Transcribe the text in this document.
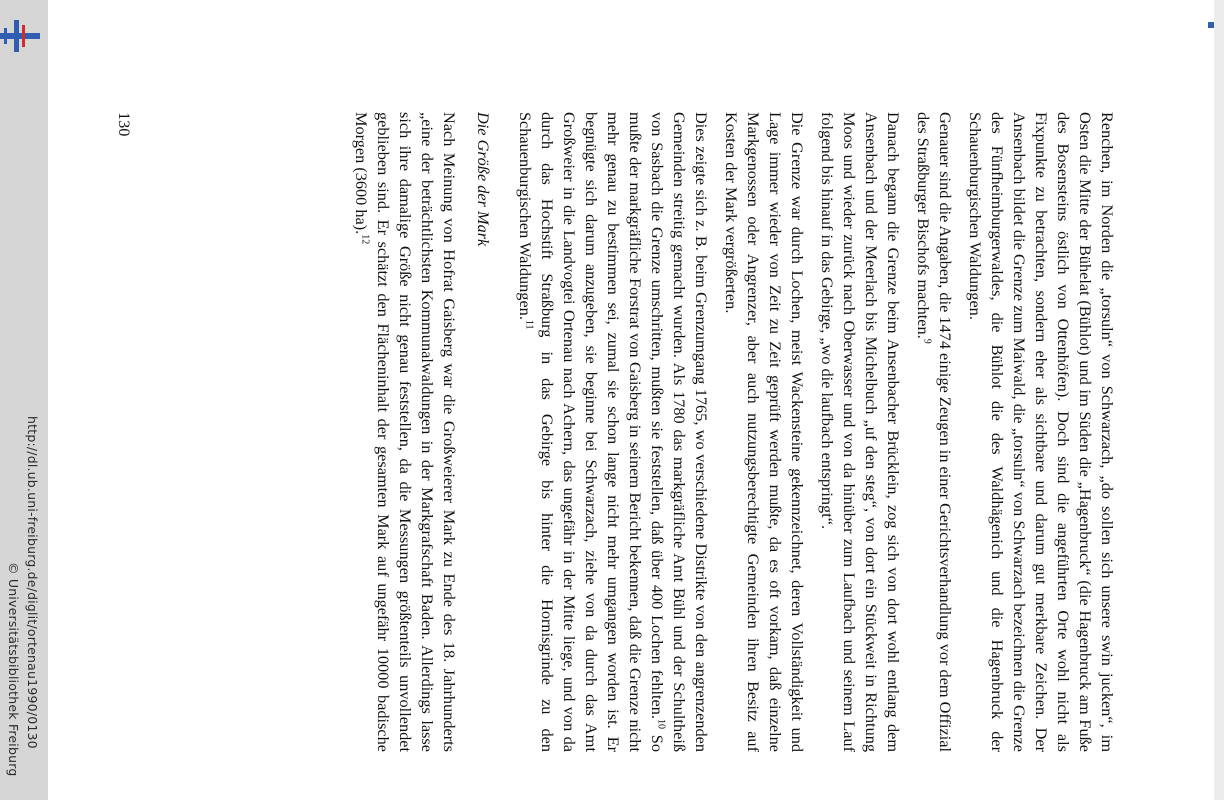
http://dl.ub.uni-freiburg.de/diglit/ortenau1990/0130
© Universitätsbibliothek Freiburg	Renchen, im Norden die „torsuln“ von Schwarzach, „do sollen sich unsere swin jucken“, im Osten die Mitte der Bühelat (Bühlot) und im Süden die „Hagenbruck“ (die Hagenbruck am Fuße des Bosensteins östlich von Ottenhöfen). Doch sind die angeführten Orte wohl nicht als Fixpunkte zu betrachten, sondern eher als sichtbare und darum gut merkbare Zeichen. Der Ansenbach bildet die Grenze zum Maiwald, die „torsuln“ von Schwarzach bezeichnen die Grenze des Fünfheimburgerwaldes, die Bühlot die des Waldhägenich und die Hagenbruck der Schauenburgischen Waldungen.

Genauer sind die Angaben, die 1474 einige Zeugen in einer Gerichtsverhandlung vor dem Offizial des Straßburger Bischofs machten.$^9$

Danach begann die Grenze beim Ansenbacher Brücklein, zog sich von dort wohl entlang dem Ansenbach und der Meerlach bis Michelbuch „uf den steg“, von dort ein Stückweit in Richtung Moos und wieder zurück nach Oberwasser und von da hinüber zum Laufbach und seinem Lauf folgend bis hinauf in das Gebirge, „wo die laufbach entspringt“.

Die Grenze war durch Lochen, meist Wackensteine gekennzeichnet, deren Vollständigkeit und Lage immer wieder von Zeit zu Zeit geprüft werden mußte, da es oft vorkam, daß einzelne Markgenossen oder Angrenzer, aber auch nutzungsberechtigte Gemeinden ihren Besitz auf Kosten der Mark vergrößerten.

Dies zeigte sich z. B. beim Grenzumgang 1765, wo verschiedene Distrikte von den angrenzenden Gemeinden streitig gemacht wurden. Als 1780 das markgräfliche Amt Bühl und der Schultheiß von Sasbach die Grenze umschritten, mußten sie feststellen, daß über 400 Lochen fehlten.$^{10}$ So mußte der markgräfliche Forstrat von Gaisberg in seinem Bericht bekennen, daß die Grenze nicht mehr genau zu bestimmen sei, zumal sie schon lange nicht mehr umgangen worden ist. Er begnügte sich darum anzugeben, sie beginne bei Schwarzach, ziehe von da durch das Amt Großweier in die Landvogtei Ortenau nach Achern, das ungefähr in der Mitte liege, und von da durch das Hochstift Straßburg in das Gebirge bis hinter die Hornisgrinde zu den Schauenburgischen Waldungen.$^{11}$

Die Größe der Mark

Nach Meinung von Hofrat Gaisberg war die Großweierer Mark zu Ende des 18. Jahrhunderts „eine der beträchtlichsten Kommunalwaldungen in der Markgrafschaft Baden. Allerdings lasse sich ihre damalige Größe nicht genau feststellen, da die Messungen größtenteils unvollendet geblieben sind. Er schätzt den Flächeninhalt der gesamten Mark auf ungefähr 10000 badische Morgen (3600 ha).$^{12}$

130
